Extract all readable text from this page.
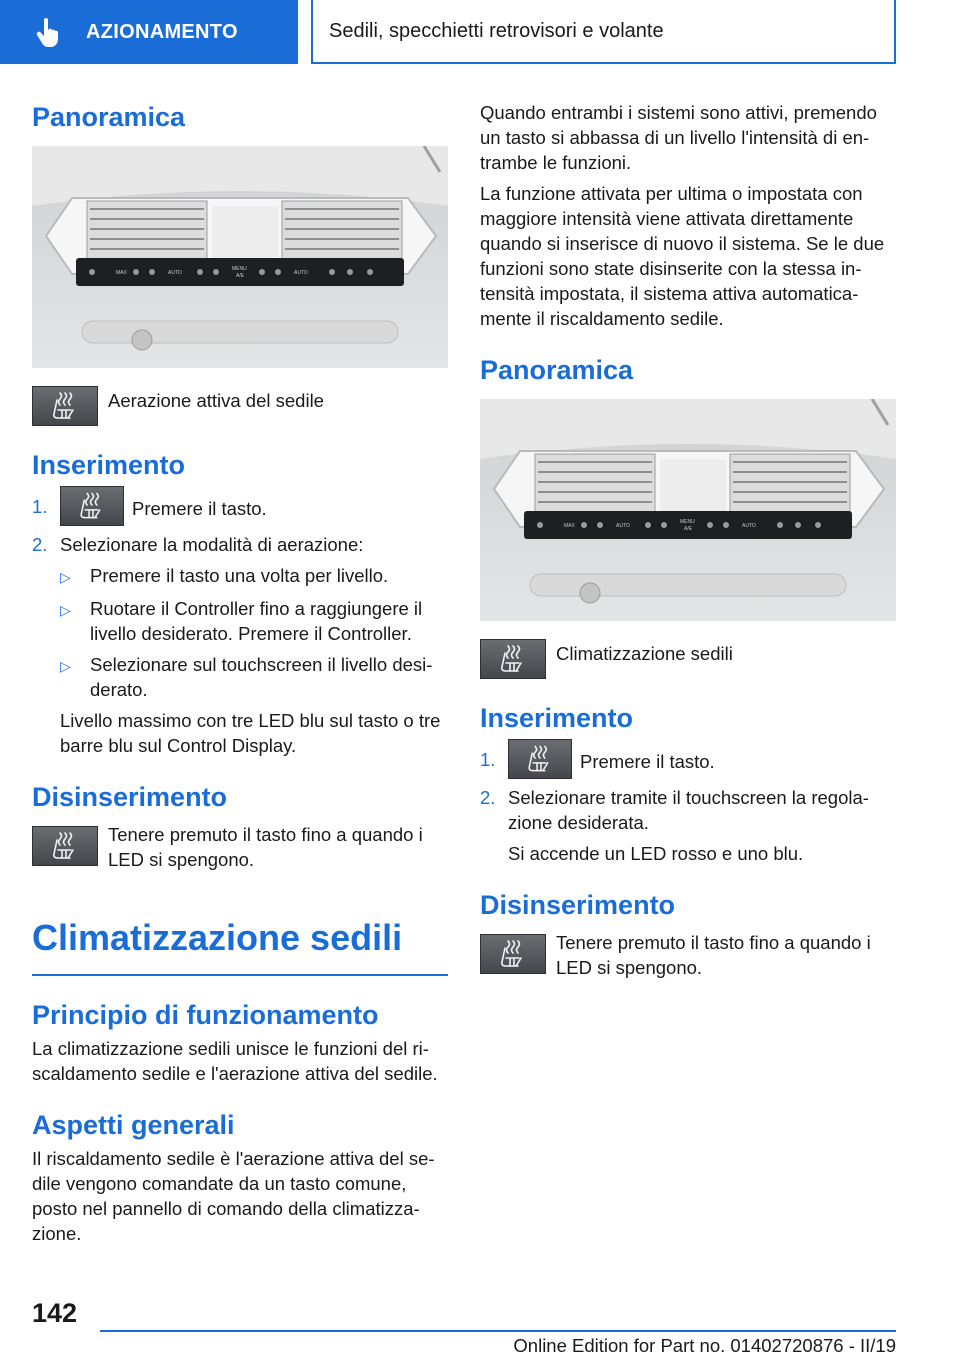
AZIONAMENTO	Sedili, specchietti retrovisori e volante
Panoramica
MAX	AUTO
MENU
A/E	AUTO
Aerazione attiva del sedile
Inserimento
1.	Premere il tasto.
2. Selezionare la modalità di aerazione:
▷	Premere il tasto una volta per livello.
▷	Ruotare il Controller fino a raggiungere il livello desiderato. Premere il Controller.
▷	Selezionare sul touchscreen il livello desiderato.
Livello massimo con tre LED blu sul tasto o tre barre blu sul Control Display.
Disinserimento
Tenere premuto il tasto fino a quando i LED si spengono.
Climatizzazione sedili
Principio di funzionamento

La climatizzazione sedili unisce le funzioni del riscaldamento sedile e l'aerazione attiva del sedile.

Aspetti generali

Il riscaldamento sedile è l'aerazione attiva del sedile vengono comandate da un tasto comune, posto nel pannello di comando della climatizzazione.

Quando entrambi i sistemi sono attivi, premendo un tasto si abbassa di un livello l'intensità di entrambe le funzioni.

La funzione attivata per ultima o impostata con maggiore intensità viene attivata direttamente quando si inserisce di nuovo il sistema. Se le due funzioni sono state disinserite con la stessa intensità impostata, il sistema attiva automaticamente il riscaldamento sedile.

Panoramica
MAX	AUTO
MENU
A/E	AUTO
Climatizzazione sedili
Inserimento
1.	Premere il tasto.
2. Selezionare tramite il touchscreen la regolazione desiderata.
Si accende un LED rosso e uno blu.
Disinserimento
Tenere premuto il tasto fino a quando i LED si spengono.
142
Online Edition for Part no. 01402720876 - II/19
